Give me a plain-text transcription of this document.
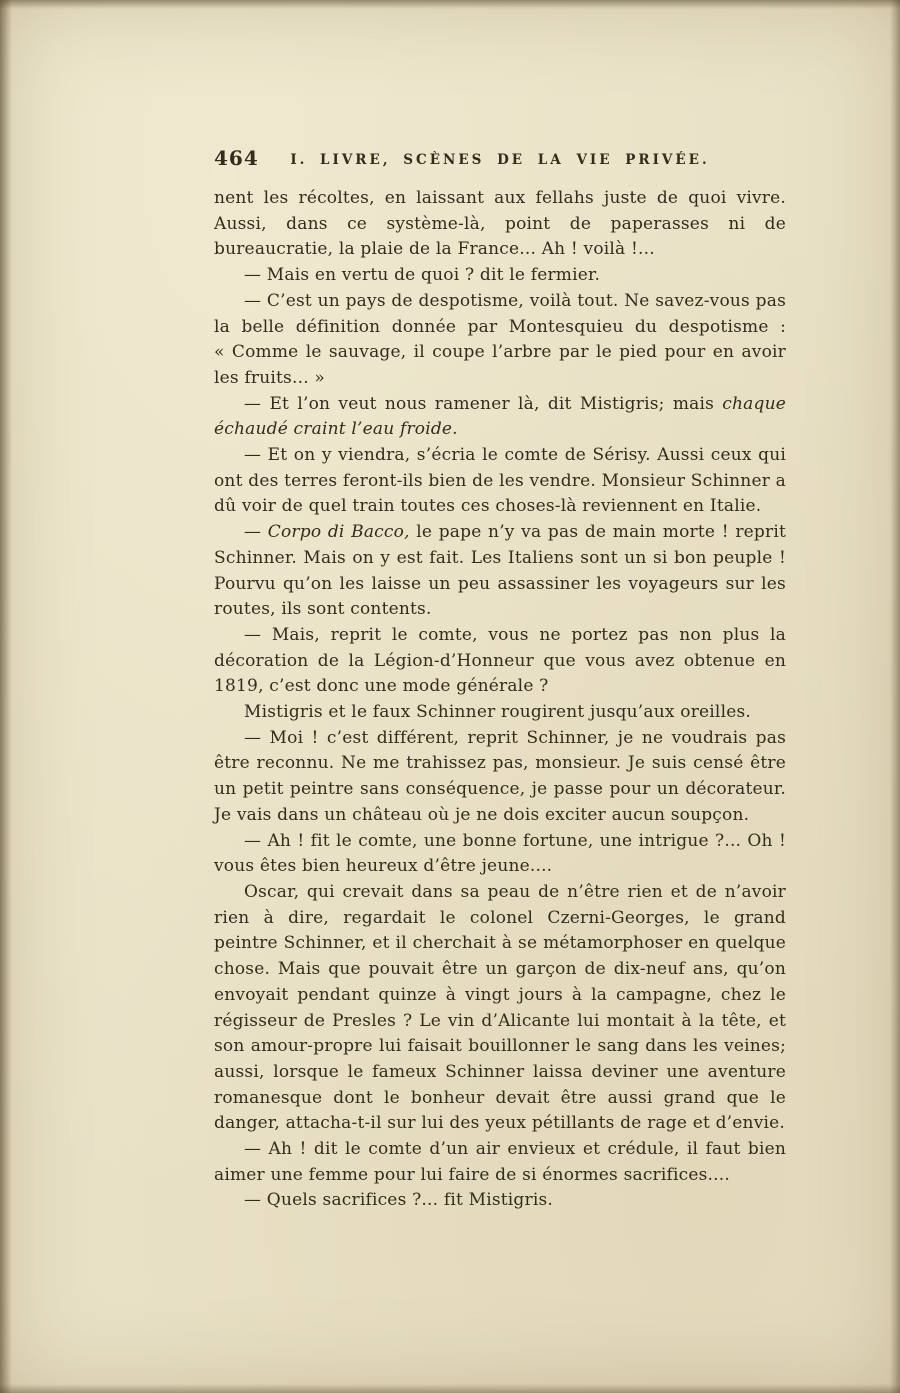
464	I. LIVRE, SCÈNES DE LA VIE PRIVÉE.

nent les récoltes, en laissant aux fellahs juste de quoi vivre. Aussi, dans ce système-là, point de paperasses ni de bureaucratie, la plaie de la France... Ah ! voilà !...

— Mais en vertu de quoi ? dit le fermier.

— C’est un pays de despotisme, voilà tout. Ne savez-vous pas la belle définition donnée par Montesquieu du despotisme : « Comme le sauvage, il coupe l’arbre par le pied pour en avoir les fruits... »

— Et l’on veut nous ramener là, dit Mistigris; mais chaque échaudé craint l’eau froide.

— Et on y viendra, s’écria le comte de Sérisy. Aussi ceux qui ont des terres feront-ils bien de les vendre. Monsieur Schinner a dû voir de quel train toutes ces choses-là reviennent en Italie.

— Corpo di Bacco, le pape n’y va pas de main morte ! reprit Schinner. Mais on y est fait. Les Italiens sont un si bon peuple ! Pourvu qu’on les laisse un peu assassiner les voyageurs sur les routes, ils sont contents.

— Mais, reprit le comte, vous ne portez pas non plus la décoration de la Légion-d’Honneur que vous avez obtenue en 1819, c’est donc une mode générale ?

Mistigris et le faux Schinner rougirent jusqu’aux oreilles.

— Moi ! c’est différent, reprit Schinner, je ne voudrais pas être reconnu. Ne me trahissez pas, monsieur. Je suis censé être un petit peintre sans conséquence, je passe pour un décorateur. Je vais dans un château où je ne dois exciter aucun soupçon.

— Ah ! fit le comte, une bonne fortune, une intrigue ?... Oh ! vous êtes bien heureux d’être jeune....

Oscar, qui crevait dans sa peau de n’être rien et de n’avoir rien à dire, regardait le colonel Czerni-Georges, le grand peintre Schinner, et il cherchait à se métamorphoser en quelque chose. Mais que pouvait être un garçon de dix-neuf ans, qu’on envoyait pendant quinze à vingt jours à la campagne, chez le régisseur de Presles ? Le vin d’Alicante lui montait à la tête, et son amour-propre lui faisait bouillonner le sang dans les veines; aussi, lorsque le fameux Schinner laissa deviner une aventure romanesque dont le bonheur devait être aussi grand que le danger, attacha-t-il sur lui des yeux pétillants de rage et d’envie.

— Ah ! dit le comte d’un air envieux et crédule, il faut bien aimer une femme pour lui faire de si énormes sacrifices....

— Quels sacrifices ?... fit Mistigris.
